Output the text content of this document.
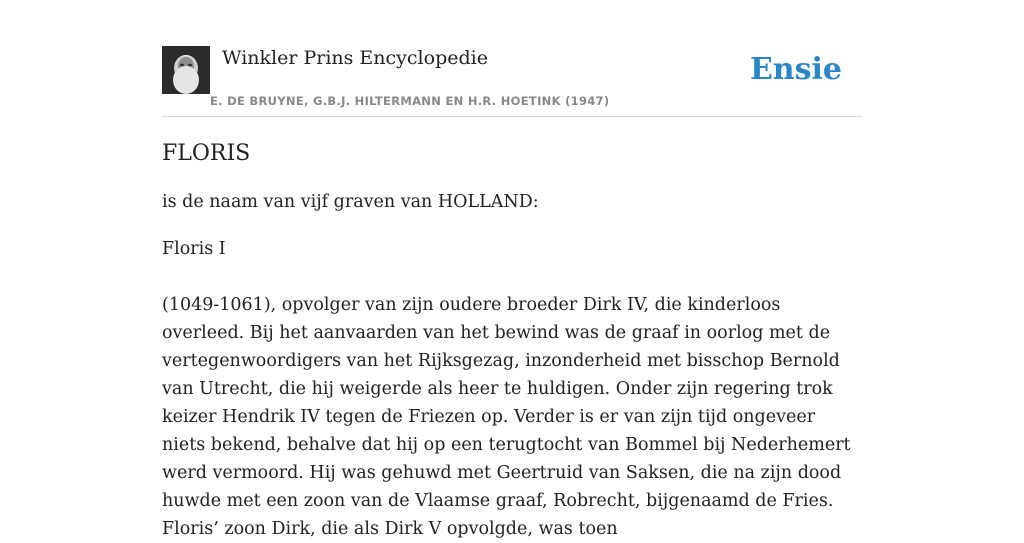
Winkler Prins Encyclopedie
E. DE BRUYNE, G.B.J. HILTERMANN EN H.R. HOETINK (1947)
Ensie
FLORIS

is de naam van vijf graven van HOLLAND:

Floris I

(1049-1061), opvolger van zijn oudere broeder Dirk IV, die kinderloos overleed. Bij het aanvaarden van het bewind was de graaf in oorlog met de vertegenwoordigers van het Rijksgezag, inzonderheid met bisschop Bernold van Utrecht, die hij weigerde als heer te huldigen. Onder zijn regering trok keizer Hendrik IV tegen de Friezen op. Verder is er van zijn tijd ongeveer niets bekend, behalve dat hij op een terugtocht van Bommel bij Nederhemert werd vermoord. Hij was gehuwd met Geertruid van Saksen, die na zijn dood huwde met een zoon van de Vlaamse graaf, Robrecht, bijgenaamd de Fries. Floris’ zoon Dirk, die als Dirk V opvolgde, was toen
